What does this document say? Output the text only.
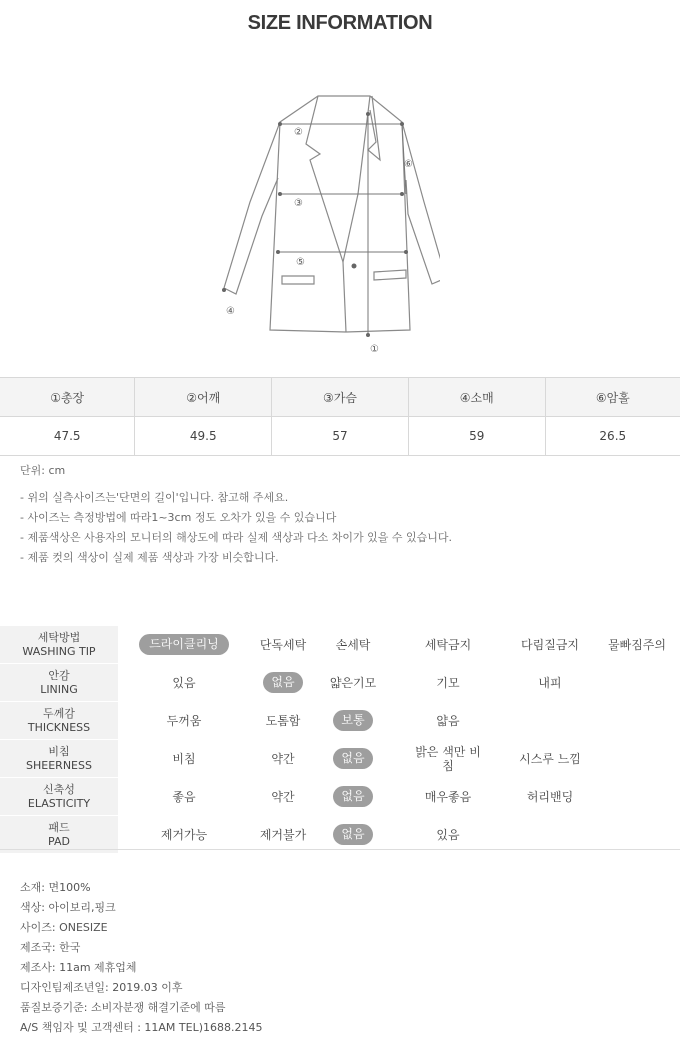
SIZE INFORMATION
①
②
③
④
⑤
⑥
①총장	②어깨	③가슴	④소매	⑥암홀
47.5	49.5	57	59	26.5
단위: cm
- 위의 실측사이즈는'단면의 길이'입니다. 참고해 주세요.
- 사이즈는 측정방법에 따라1~3cm 정도 오차가 있을 수 있습니다
- 제품색상은 사용자의 모니터의 해상도에 따라 실제 색상과 다소 차이가 있을 수 있습니다.
- 제품 컷의 색상이 실제 제품 색상과 가장 비슷합니다.
세탁방법
WASHING TIP	드라이클리닝	단독세탁	손세탁	세탁금지	다림질금지	물빠짐주의
안감
LINING	있음	없음	얇은기모	기모	내피	
두께감
THICKNESS	두꺼움	도톰함	보통	얇음		
비침
SHEERNESS	비침	약간	없음	밝은 색만 비침	시스루 느낌	

신축성
ELASTICITY	좋음	약간	없음	매우좋음	허리밴딩	
패드
PAD	제거가능	제거불가	없음	있음		
소재: 면100%
색상: 아이보리,핑크
사이즈: ONESIZE
제조국: 한국
제조사: 11am 제휴업체
디자인팀제조년일: 2019.03 이후
품질보증기준: 소비자분쟁 해결기준에 따름
A/S 책임자 및 고객센터 : 11AM TEL)1688.2145
